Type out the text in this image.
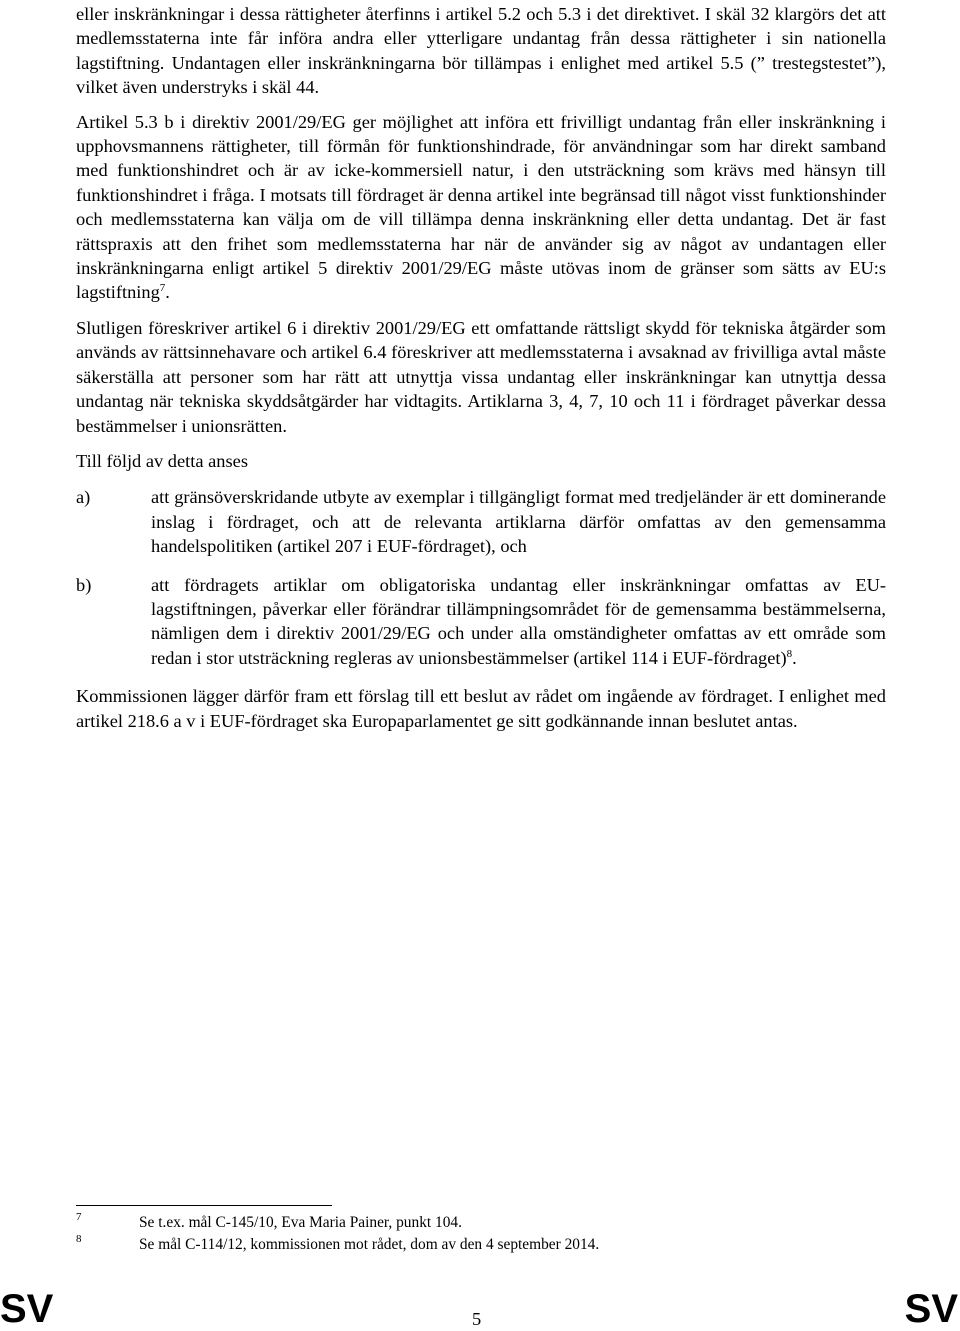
eller inskränkningar i dessa rättigheter återfinns i artikel 5.2 och 5.3 i det direktivet. I skäl 32 klargörs det att medlemsstaterna inte får införa andra eller ytterligare undantag från dessa rättigheter i sin nationella lagstiftning. Undantagen eller inskränkningarna bör tillämpas i enlighet med artikel 5.5 (” trestegstestet”), vilket även understryks i skäl 44.

Artikel 5.3 b i direktiv 2001/29/EG ger möjlighet att införa ett frivilligt undantag från eller inskränkning i upphovsmannens rättigheter, till förmån för funktionshindrade, för användningar som har direkt samband med funktionshindret och är av icke-kommersiell natur, i den utsträckning som krävs med hänsyn till funktionshindret i fråga. I motsats till fördraget är denna artikel inte begränsad till något visst funktionshinder och medlemsstaterna kan välja om de vill tillämpa denna inskränkning eller detta undantag. Det är fast rättspraxis att den frihet som medlemsstaterna har när de använder sig av något av undantagen eller inskränkningarna enligt artikel 5 direktiv 2001/29/EG måste utövas inom de gränser som sätts av EU:s lagstiftning$^7$.

Slutligen föreskriver artikel 6 i direktiv 2001/29/EG ett omfattande rättsligt skydd för tekniska åtgärder som används av rättsinnehavare och artikel 6.4 föreskriver att medlemsstaterna i avsaknad av frivilliga avtal måste säkerställa att personer som har rätt att utnyttja vissa undantag eller inskränkningar kan utnyttja dessa undantag när tekniska skyddsåtgärder har vidtagits. Artiklarna 3, 4, 7, 10 och 11 i fördraget påverkar dessa bestämmelser i unionsrätten.

Till följd av detta anses

a)	att gränsöverskridande utbyte av exemplar i tillgängligt format med tredjeländer är ett dominerande inslag i fördraget, och att de relevanta artiklarna därför omfattas av den gemensamma handelspolitiken (artikel 207 i EUF-fördraget), och
b)	att fördragets artiklar om obligatoriska undantag eller inskränkningar omfattas av EU-lagstiftningen, påverkar eller förändrar tillämpningsområdet för de gemensamma bestämmelserna, nämligen dem i direktiv 2001/29/EG och under alla omständigheter omfattas av ett område som redan i stor utsträckning regleras av unionsbestämmelser (artikel 114 i EUF-fördraget)$^8$.

Kommissionen lägger därför fram ett förslag till ett beslut av rådet om ingående av fördraget. I enlighet med artikel 218.6 a v i EUF-fördraget ska Europaparlamentet ge sitt godkännande innan beslutet antas.

7	Se t.ex. mål C-145/10, Eva Maria Painer, punkt 104.
8	Se mål C-114/12, kommissionen mot rådet, dom av den 4 september 2014.
SV	5	SV
